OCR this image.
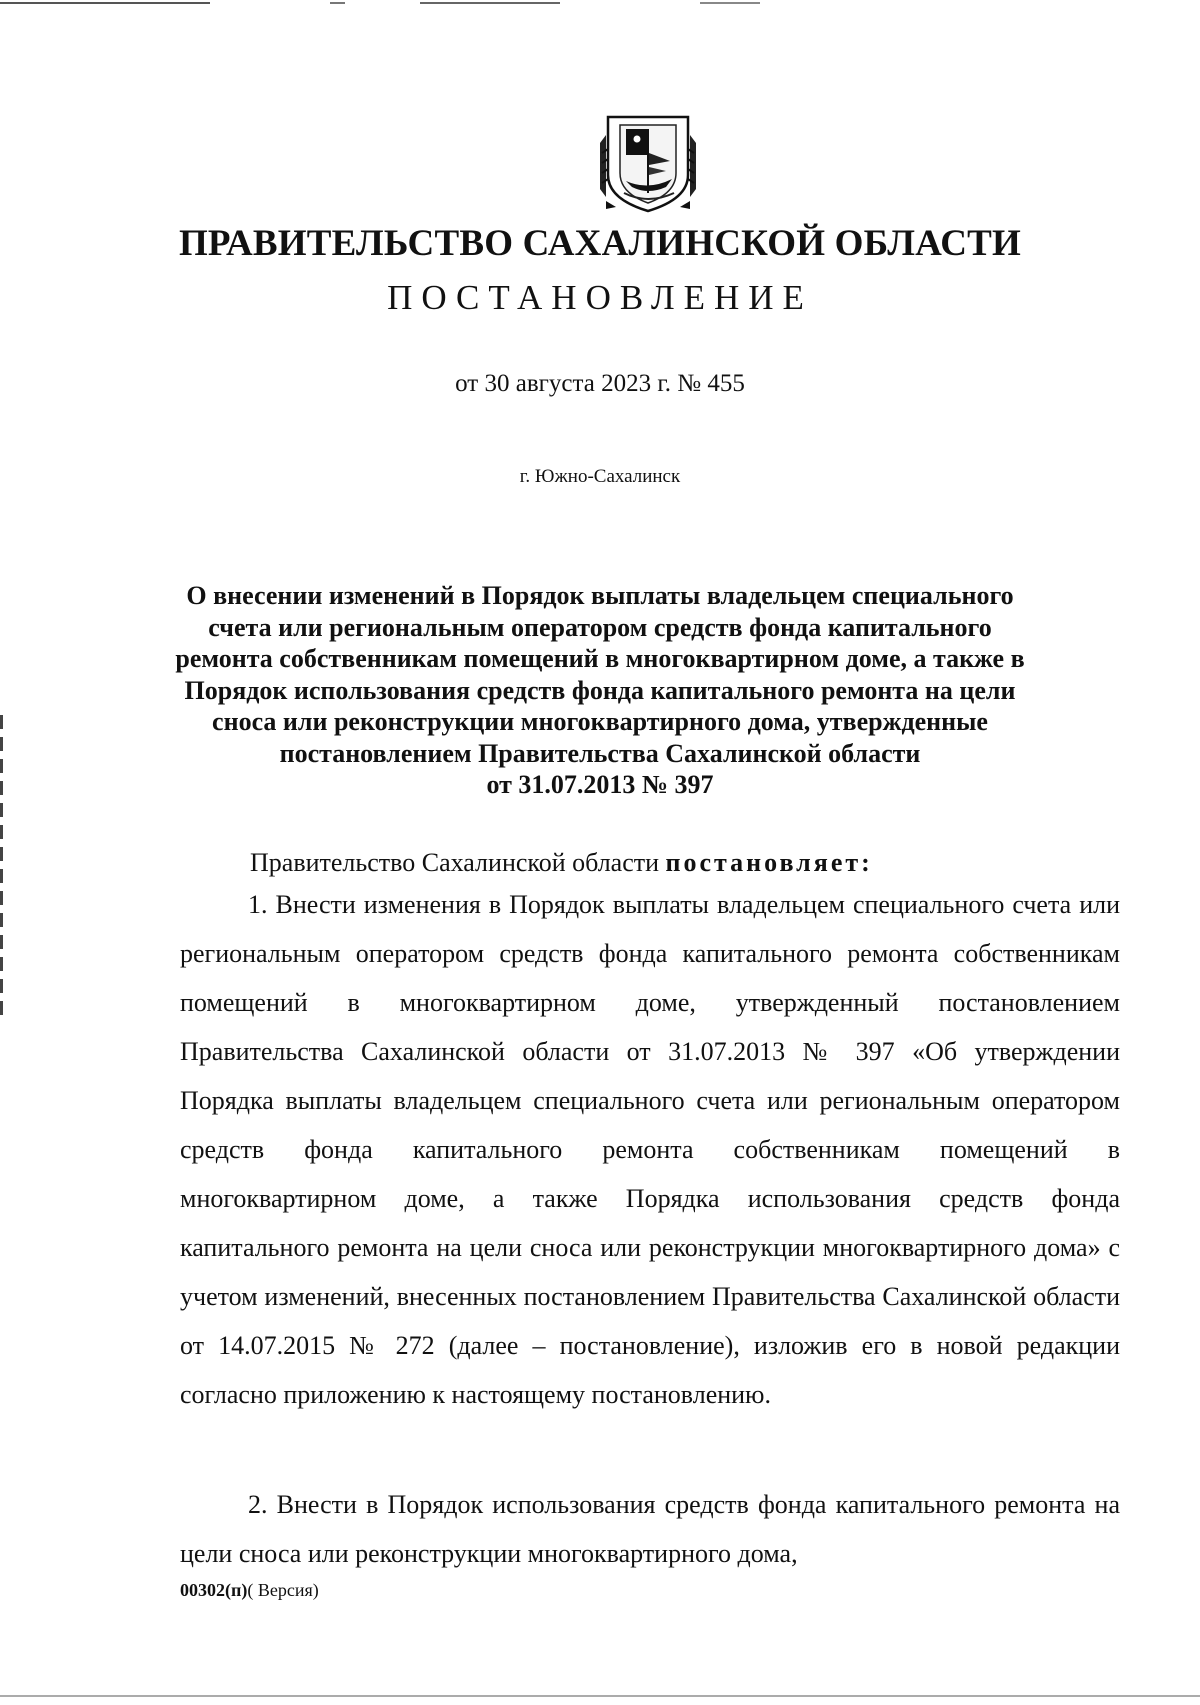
ПРАВИТЕЛЬСТВО САХАЛИНСКОЙ ОБЛАСТИ
ПОСТАНОВЛЕНИЕ
от 30 августа 2023 г. № 455
г. Южно-Сахалинск
О внесении изменений в Порядок выплаты владельцем специального
счета или региональным оператором средств фонда капитального
ремонта собственникам помещений в многоквартирном доме, а также в
Порядок использования средств фонда капитального ремонта на цели
сноса или реконструкции многоквартирного дома, утвержденные
постановлением Правительства Сахалинской области
от 31.07.2013 № 397
Правительство Сахалинской области постановляет:
1. Внести изменения в Порядок выплаты владельцем специального счета или региональным оператором средств фонда капитального ремонта собственникам помещений в многоквартирном доме, утвержденный постановлением Правительства Сахалинской области от 31.07.2013 № 397 «Об утверждении Порядка выплаты владельцем специального счета или региональным оператором средств фонда капитального ремонта собственникам помещений в многоквартирном доме, а также Порядка использования средств фонда капитального ремонта на цели сноса или реконструкции многоквартирного дома» с учетом изменений, внесенных постановлением Правительства Сахалинской области от 14.07.2015 № 272 (далее – постановление), изложив его в новой редакции согласно приложению к настоящему постановлению.
2. Внести в Порядок использования средств фонда капитального ремонта на цели сноса или реконструкции многоквартирного дома,
00302(п)( Версия)
